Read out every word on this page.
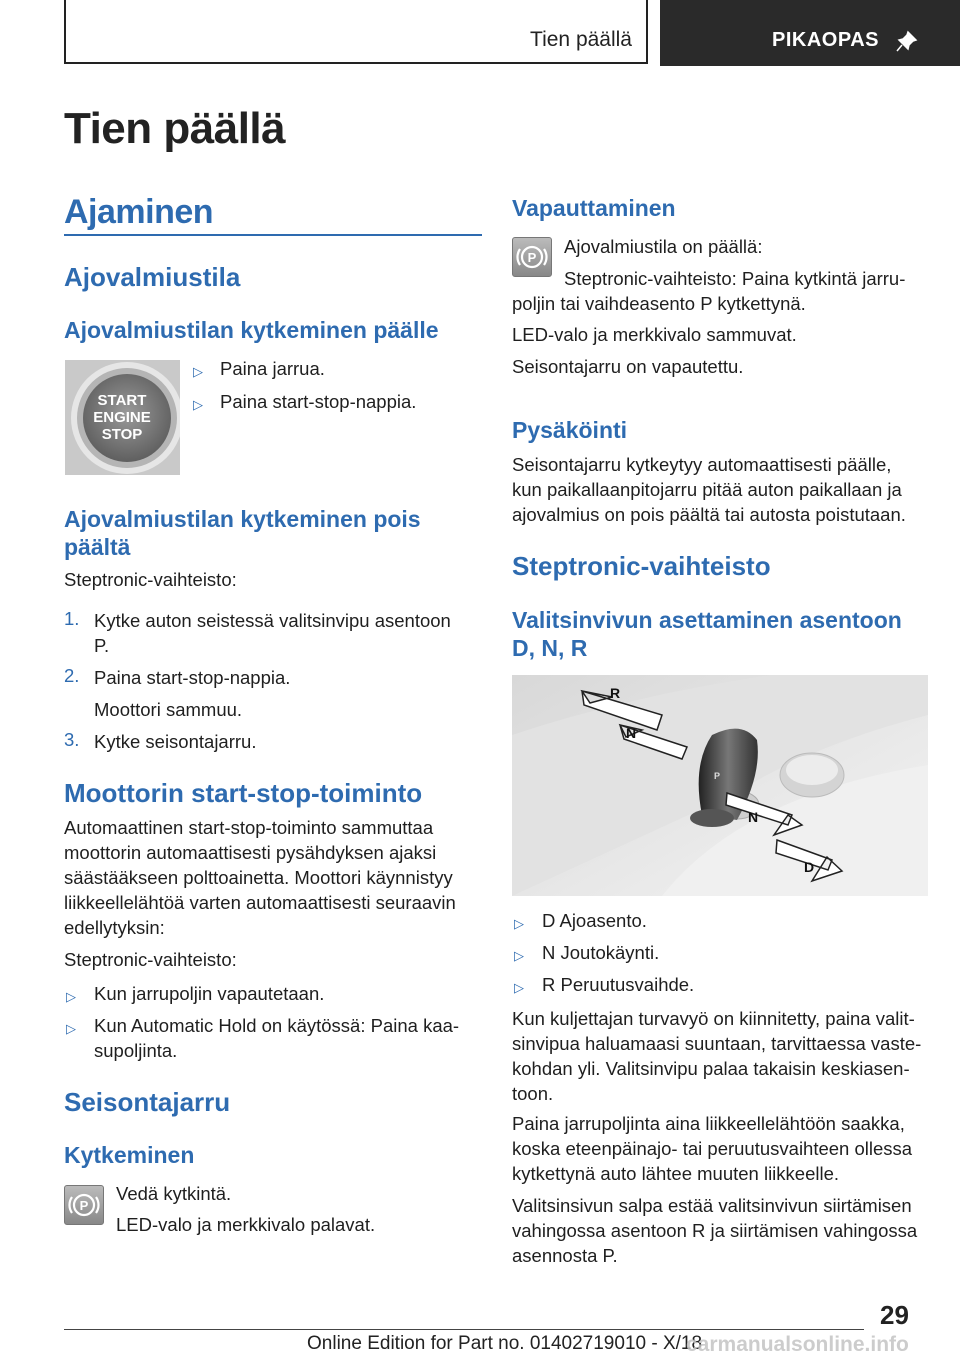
Tien päällä	PIKAOPAS
Tien päällä
Ajaminen
Ajovalmiustila
Ajovalmiustilan kytkeminen päälle
START
ENGINE
STOP
▷ Paina jarrua.
▷ Paina start-stop-nappia.
Ajovalmiustilan kytkeminen pois
päältä
Steptronic-vaihteisto:
1. Kytke auton seistessä valitsinvipu asentoon
P.
2. Paina start-stop-nappia.
Moottori sammuu.
3. Kytke seisontajarru.
Moottorin start-stop-toiminto
Automaattinen start-stop-toiminto sammuttaa
moottorin automaattisesti pysähdyksen ajaksi
säästääkseen polttoainetta. Moottori käynnistyy
liikkeellelähtöä varten automaattisesti seuraavin
edellytyksin:
Steptronic-vaihteisto:
▷ Kun jarrupoljin vapautetaan.
▷ Kun Automatic Hold on käytössä: Paina kaa-
supoljinta.
Seisontajarru
Kytkeminen
P
Vedä kytkintä.
LED-valo ja merkkivalo palavat.
Vapauttaminen
P
Ajovalmiustila on päällä:
Steptronic-vaihteisto: Paina kytkintä jarru-
poljin tai vaihdeasento P kytkettynä.
LED-valo ja merkkivalo sammuvat.
Seisontajarru on vapautettu.
Pysäköinti
Seisontajarru kytkeytyy automaattisesti päälle,
kun paikallaanpitojarru pitää auton paikallaan ja
ajovalmius on pois päältä tai autosta poistutaan.
Steptronic-vaihteisto
Valitsinvivun asettaminen asentoon
D, N, R
R
N
N
D
P
▷ D Ajoasento.
▷ N Joutokäynti.
▷ R Peruutusvaihde.
Kun kuljettajan turvavyö on kiinnitetty, paina valit-
sinvipua haluamaasi suuntaan, tarvittaessa vaste-
kohdan yli. Valitsinvipu palaa takaisin keskiasen-
toon.
Paina jarrupoljinta aina liikkeellelähtöön saakka,
koska eteenpäinajo- tai peruutusvaihteen ollessa
kytkettynä auto lähtee muuten liikkeelle.
Valitsinsivun salpa estää valitsinvivun siirtämisen
vahingossa asentoon R ja siirtämisen vahingossa
asennosta P.
29
Online Edition for Part no. 01402719010 - X/18
carmanualsonline.info
